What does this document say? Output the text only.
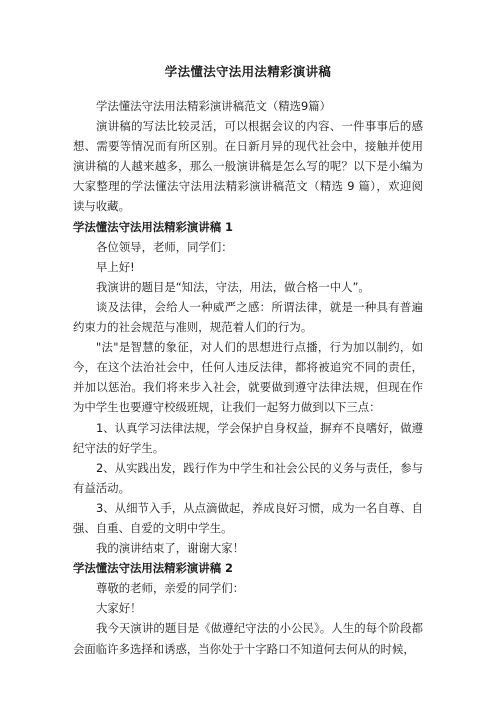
学法懂法守法用法精彩演讲稿
学法懂法守法用法精彩演讲稿范文（精选9篇）
演讲稿的写法比较灵活，可以根据会议的内容、一件事事后的感想、需要等情况而有所区别。在日新月异的现代社会中，接触并使用演讲稿的人越来越多，那么一般演讲稿是怎么写的呢？以下是小编为大家整理的学法懂法守法用法精彩演讲稿范文（精选 9 篇），欢迎阅读与收藏。
学法懂法守法用法精彩演讲稿 1
各位领导，老师，同学们：
早上好!
我演讲的题目是“知法，守法，用法，做合格一中人”。
谈及法律，会给人一种威严之感：所谓法律，就是一种具有普遍约束力的社会规范与准则，规范着人们的行为。
"法"是智慧的象征，对人们的思想进行点播，行为加以制约，如今，在这个法治社会中，任何人违反法律，都将被追究不同的责任，并加以惩治。我们将来步入社会，就要做到遵守法律法规，但现在作为中学生也要遵守校级班规，让我们一起努力做到以下三点：
1、认真学习法律法规，学会保护自身权益，摒弃不良嗜好，做遵纪守法的好学生。
2、从实践出发，践行作为中学生和社会公民的义务与责任，参与有益活动。
3、从细节入手，从点滴做起，养成良好习惯，成为一名自尊、自强、自重、自爱的文明中学生。
我的演讲结束了，谢谢大家！
学法懂法守法用法精彩演讲稿 2
尊敬的老师，亲爱的同学们：
大家好！
我今天演讲的题目是《做遵纪守法的小公民》。人生的每个阶段都会面临许多选择和诱惑，当你处于十字路口不知道何去何从的时候，
